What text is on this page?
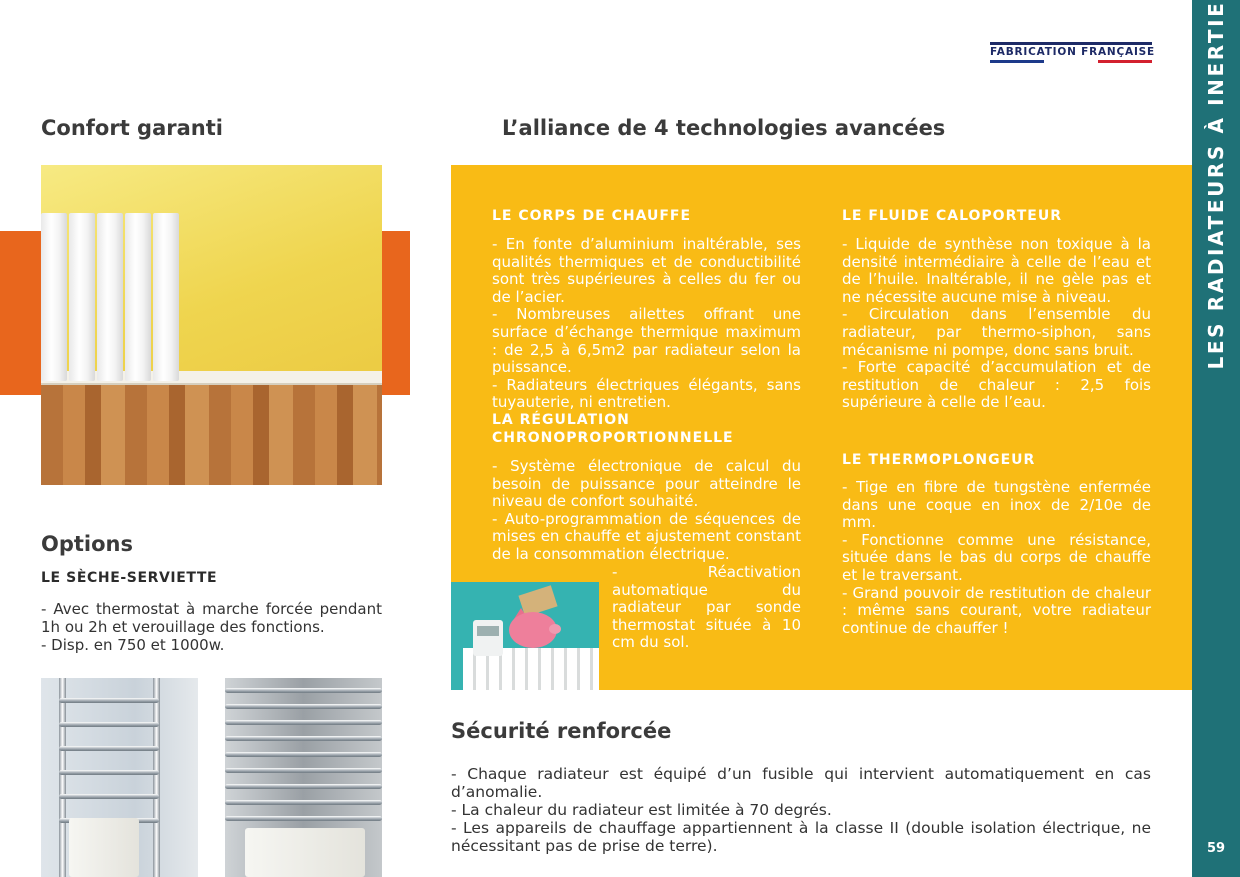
LES RADIATEURS À INERTIE
59
FABRICATION FRANÇAISE
Confort garanti	L’alliance de 4 technologies avancées
Options
LE SÈCHE-SERVIETTE
- Avec thermostat à marche forcée pendant 1h ou 2h et verouillage des fonctions.
- Disp. en 750 et 1000w.
LE CORPS DE CHAUFFE
- En fonte d’aluminium inaltérable, ses qualités thermiques et de conductibilité sont très supérieures à celles du fer ou de l’acier.
- Nombreuses ailettes offrant une surface d’échange thermique maximum : de 2,5 à 6,5m2 par radiateur selon la puissance.
- Radiateurs électriques élégants, sans tuyauterie, ni entretien.
LA RÉGULATION CHRONOPROPORTIONNELLE
- Système électronique de calcul du besoin de puissance pour atteindre le niveau de confort souhaité.
- Auto-programmation de séquences de mises en chauffe et ajustement constant de la consommation électrique.
- Réactivation automatique du radiateur par sonde thermostat située à 10 cm du sol.
LE FLUIDE CALOPORTEUR
- Liquide de synthèse non toxique à la densité intermédiaire à celle de l’eau et de l’huile. Inaltérable, il ne gèle pas et ne nécessite aucune mise à niveau.
- Circulation dans l’ensemble du radiateur, par thermo-siphon, sans mécanisme ni pompe, donc sans bruit.
- Forte capacité d’accumulation et de restitution de chaleur : 2,5 fois supérieure à celle de l’eau.
LE THERMOPLONGEUR
- Tige en fibre de tungstène enfermée dans une coque en inox de 2/10e de mm.
- Fonctionne comme une résistance, située dans le bas du corps de chauffe et le traversant.
- Grand pouvoir de restitution de chaleur : même sans courant, votre radiateur continue de chauffer !
Sécurité renforcée
- Chaque radiateur est équipé d’un fusible qui intervient automatiquement en cas d’anomalie.
- La chaleur du radiateur est limitée à 70 degrés.
- Les appareils de chauffage appartiennent à la classe II (double isolation électrique, ne nécessitant pas de prise de terre).
